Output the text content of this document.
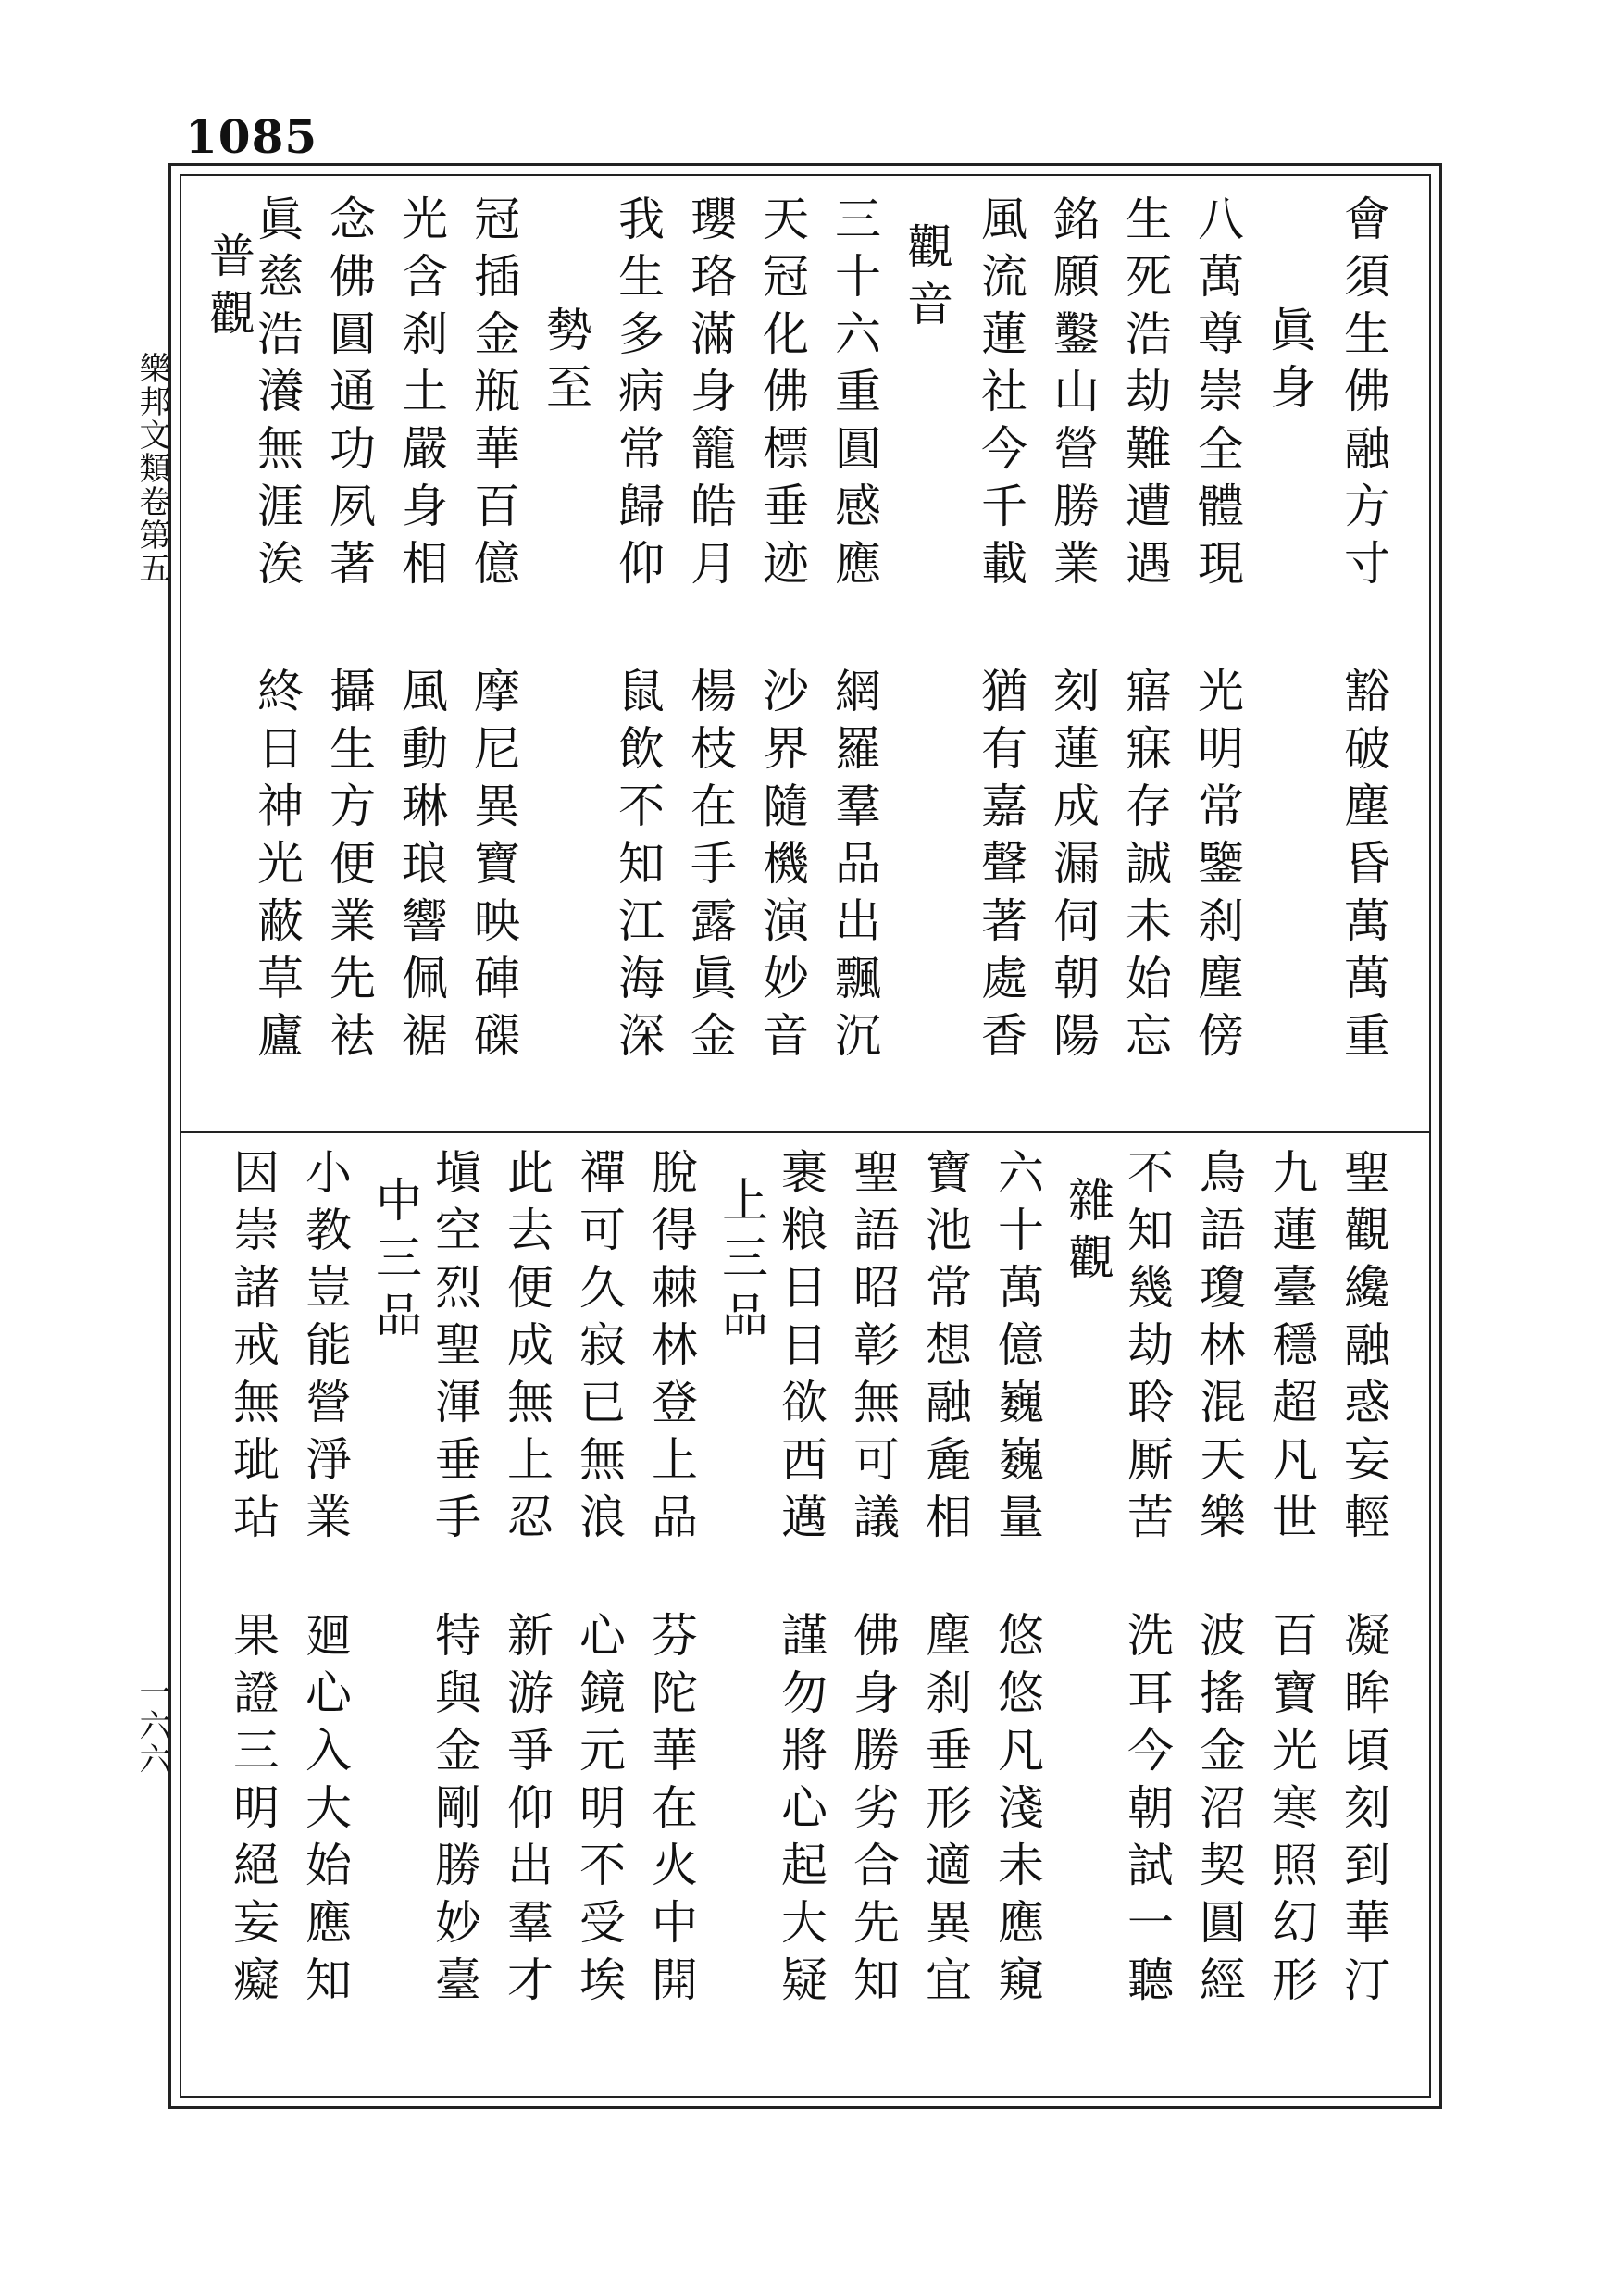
1085
會須生佛融方寸
豁破塵昏萬萬重
眞身
八萬尊崇全體現
光明常鑒刹塵傍
生死浩劫難遭遇
寤寐存誠未始忘
銘願鑿山營勝業
刻蓮成漏伺朝陽
風流蓮社今千載
猶有嘉聲著處香
觀音
三十六重圓感應
網羅羣品出飄沉
天冠化佛標垂迹
沙界隨機演妙音
瓔珞滿身籠皓月
楊枝在手露眞金
我生多病常歸仰
鼠飲不知江海深
勢至
冠插金瓶華百億
摩尼異寶映硨磲
光含刹土嚴身相
風動琳琅響佩裾
念佛圓通功夙著
攝生方便業先袪
眞慈浩瀁無涯涘
終日神光蔽草廬
普觀
聖觀纔融惑妄輕
凝眸頃刻到華汀
九蓮臺穩超凡世
百寶光寒照幻形
鳥語瓊林混天樂
波搖金沼契圓經
不知幾劫聆厮苦
洗耳今朝試一聽
雜觀
六十萬億巍巍量
悠悠凡淺未應窺
寶池常想融麁相
塵刹垂形適異宜
聖語昭彰無可議
佛身勝劣合先知
裹粮日日欲西邁
謹勿將心起大疑
上三品
脫得棘林登上品
芬陀華在火中開
禪可久寂已無浪
心鏡元明不受埃
此去便成無上忍
新游爭仰出羣才
塡空烈聖渾垂手
特與金剛勝妙臺
中三品
小教豈能營淨業
廻心入大始應知
因崇諸戒無玼玷
果證三明絕妄癡
樂邦文類卷第五
一六六
